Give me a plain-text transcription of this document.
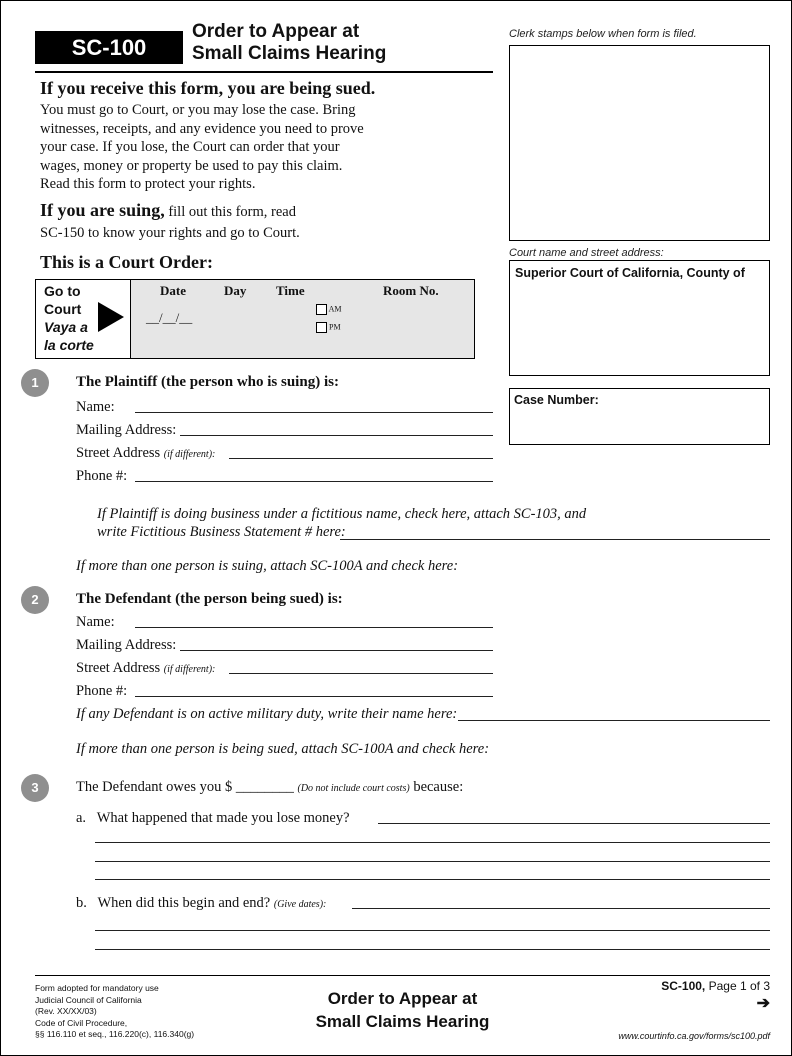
SC-100
Order to Appear at
Small Claims Hearing
If you receive this form, you are being sued.
You must go to Court, or you may lose the case. Bring
witnesses, receipts, and any evidence you need to prove
your case. If you lose, the Court can order that your
wages, money or property be used to pay this claim.
Read this form to protect your rights.
If you are suing, fill out this form, read
SC-150 to know your rights and go to Court.
This is a Court Order:
Go to
Court
Vaya a
la corte
Date	Day Time	Room No.
__/__/__
AM
PM
Clerk stamps below when form is filed.
Court name and street address:
Superior Court of California, County of
Case Number:
1	The Plaintiff (the person who is suing) is:
Name:
Mailing Address:
Street Address (if different):
Phone #:
If Plaintiff is doing business under a fictitious name, check here, attach SC-103, and
write Fictitious Business Statement # here:
If more than one person is suing, attach SC-100A and check here:
2	The Defendant (the person being sued) is:
Name:
Mailing Address:
Street Address (if different):
Phone #:
If any Defendant is on active military duty, write their name here:
If more than one person is being sued, attach SC-100A and check here:
3	The Defendant owes you $ ________ (Do not include court costs) because:
a. What happened that made you lose money?
b. When did this begin and end? (Give dates):
Form adopted for mandatory use
Judicial Council of California
(Rev. XX/XX/03)
Code of Civil Procedure,
§§ 116.110 et seq., 116.220(c), 116.340(g)
Order to Appear at
Small Claims Hearing
SC-100, Page 1 of 3
➔
www.courtinfo.ca.gov/forms/sc100.pdf
